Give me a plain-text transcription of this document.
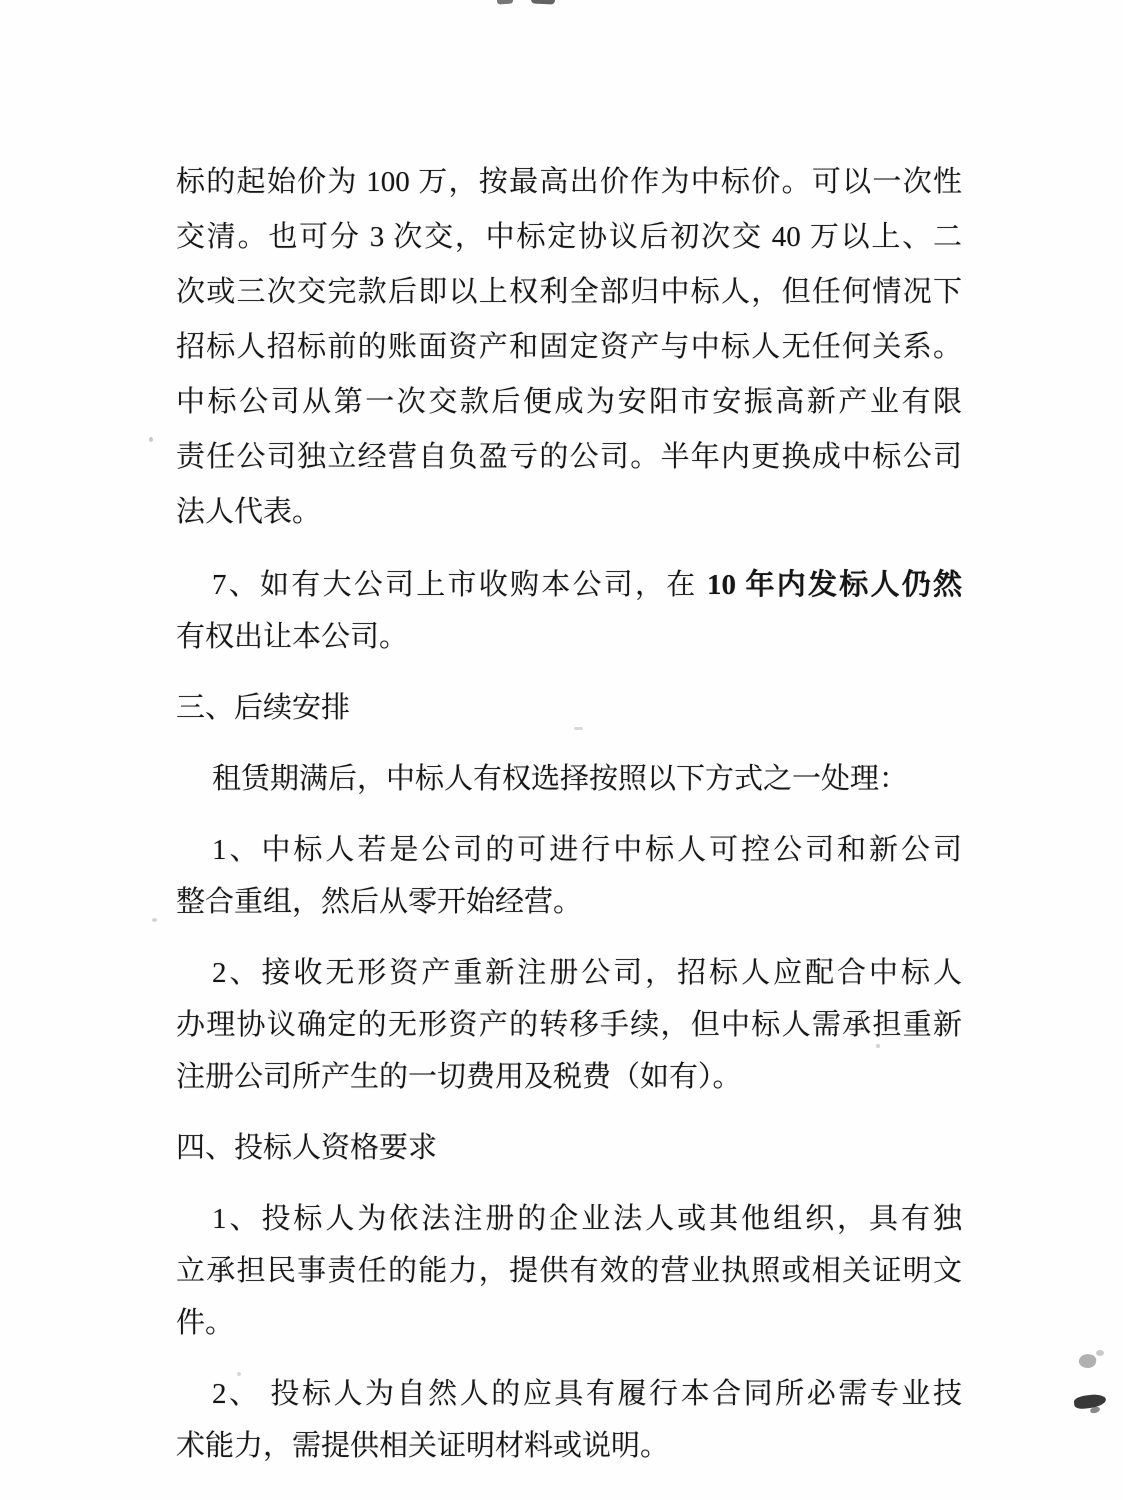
标的起始价为 100 万，按最高出价作为中标价。可以一次性
交清。也可分 3 次交，中标定协议后初次交 40 万以上、二
次或三次交完款后即以上权利全部归中标人，但任何情况下
招标人招标前的账面资产和固定资产与中标人无任何关系。
中标公司从第一次交款后便成为安阳市安振高新产业有限
责任公司独立经营自负盈亏的公司。半年内更换成中标公司
法人代表。
7、如有大公司上市收购本公司，在 10 年内发标人仍然
有权出让本公司。
三、后续安排
租赁期满后，中标人有权选择按照以下方式之一处理：
1、中标人若是公司的可进行中标人可控公司和新公司
整合重组，然后从零开始经营。
2、接收无形资产重新注册公司，招标人应配合中标人
办理协议确定的无形资产的转移手续，但中标人需承担重新
注册公司所产生的一切费用及税费（如有）。
四、投标人资格要求
1、投标人为依法注册的企业法人或其他组织，具有独
立承担民事责任的能力，提供有效的营业执照或相关证明文
件。
2、 投标人为自然人的应具有履行本合同所必需专业技
术能力，需提供相关证明材料或说明。
